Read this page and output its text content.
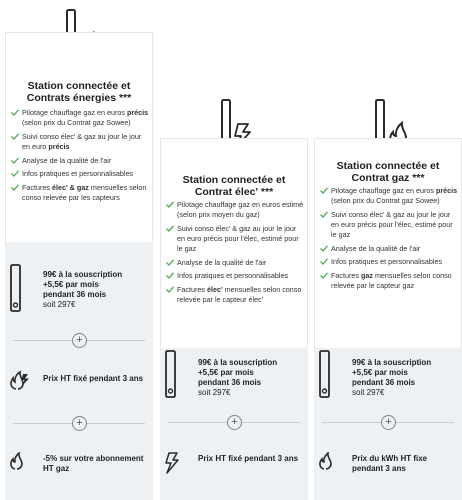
Station connectée et Contrats énergies ***
Pilotage chauffage gaz en euros précis (selon prix du Contrat gaz Sowee)
Suivi conso élec' & gaz au jour le jour en euro précis
Analyse de la qualité de l'air
Infos pratiques et personnalisables
Factures élec' & gaz mensuelles selon conso relevée par les capteurs
99€ à la souscription
+5,5€ par mois
pendant 36 mois
soit 297€
+
Prix HT fixé pendant 3 ans
+
-5% sur votre abonnement HT gaz
Station connectée et Contrat élec' ***
Pilotage chauffage gaz en euros estimé (selon prix moyen du gaz)
Suivi conso élec' & gaz au jour le jour en euro précis pour l'élec, estimé pour le gaz
Analyse de la qualité de l'air
Infos pratiques et personnalisables
Factures élec' mensuelles selon conso relevée par le capteur élec'
99€ à la souscription
+5,5€ par mois
pendant 36 mois
soit 297€
+
Prix HT fixé pendant 3 ans
Station connectée et Contrat gaz ***
Pilotage chauffage gaz en euros précis (selon prix du Contrat gaz Sowee)
Suivi conso élec' & gaz au jour le jour en euro précis pour l'élec, estimé pour le gaz
Analyse de la qualité de l'air
Infos pratiques et personnalisables
Factures gaz mensuelles selon conso relevée par le capteur gaz
99€ à la souscription
+5,5€ par mois
pendant 36 mois
soit 297€
+
Prix du kWh HT fixe pendant 3 ans
